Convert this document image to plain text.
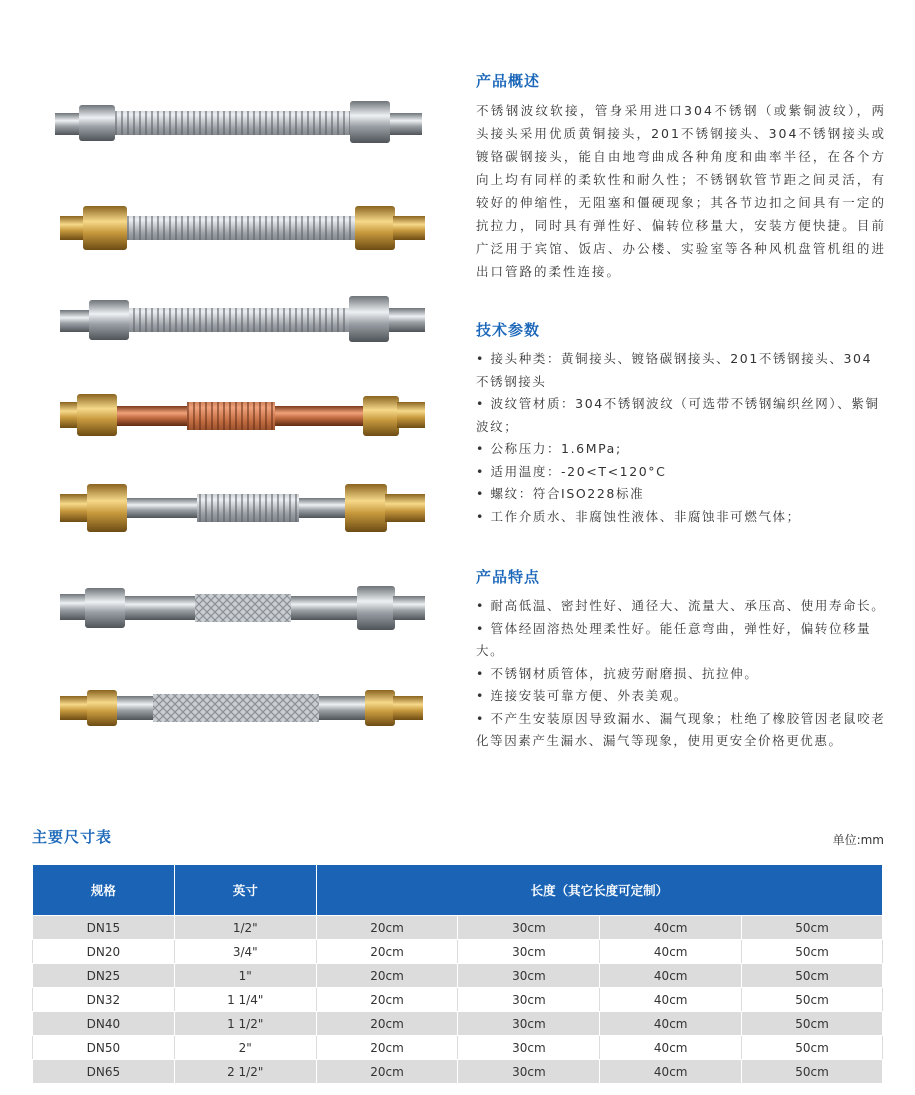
产品概述

不锈钢波纹软接，管身采用进口304不锈钢（或紫铜波纹），两头接头采用优质黄铜接头，201不锈钢接头、304不锈钢接头或镀铬碳钢接头，能自由地弯曲成各种角度和曲率半径，在各个方向上均有同样的柔软性和耐久性；不锈钢软管节距之间灵活，有较好的伸缩性，无阻塞和僵硬现象；其各节边扣之间具有一定的抗拉力，同时具有弹性好、偏转位移量大，安装方便快捷。目前广泛用于宾馆、饭店、办公楼、实验室等各种风机盘管机组的进出口管路的柔性连接。

技术参数
• 接头种类：黄铜接头、镀铬碳钢接头、201不锈钢接头、304不锈钢接头
• 波纹管材质：304不锈钢波纹（可选带不锈钢编织丝网）、紫铜波纹；
• 公称压力：1.6MPa;
• 适用温度：-20<T<120°C
• 螺纹：符合ISO228标准
• 工作介质水、非腐蚀性液体、非腐蚀非可燃气体；
产品特点
• 耐高低温、密封性好、通径大、流量大、承压高、使用寿命长。
• 管体经固溶热处理柔性好。能任意弯曲，弹性好，偏转位移量大。
• 不锈钢材质管体，抗疲劳耐磨损、抗拉伸。
• 连接安装可靠方便、外表美观。
• 不产生安装原因导致漏水、漏气现象；杜绝了橡胶管因老鼠咬老化等因素产生漏水、漏气等现象，使用更安全价格更优惠。
主要尺寸表	单位:mm
规格	英寸	长度（其它长度可定制）			
DN15	1/2"	20cm	30cm	40cm	50cm
DN20	3/4"	20cm	30cm	40cm	50cm
DN25	1"	20cm	30cm	40cm	50cm
DN32	1 1/4"	20cm	30cm	40cm	50cm
DN40	1 1/2"	20cm	30cm	40cm	50cm
DN50	2"	20cm	30cm	40cm	50cm
DN65	2 1/2"	20cm	30cm	40cm	50cm
